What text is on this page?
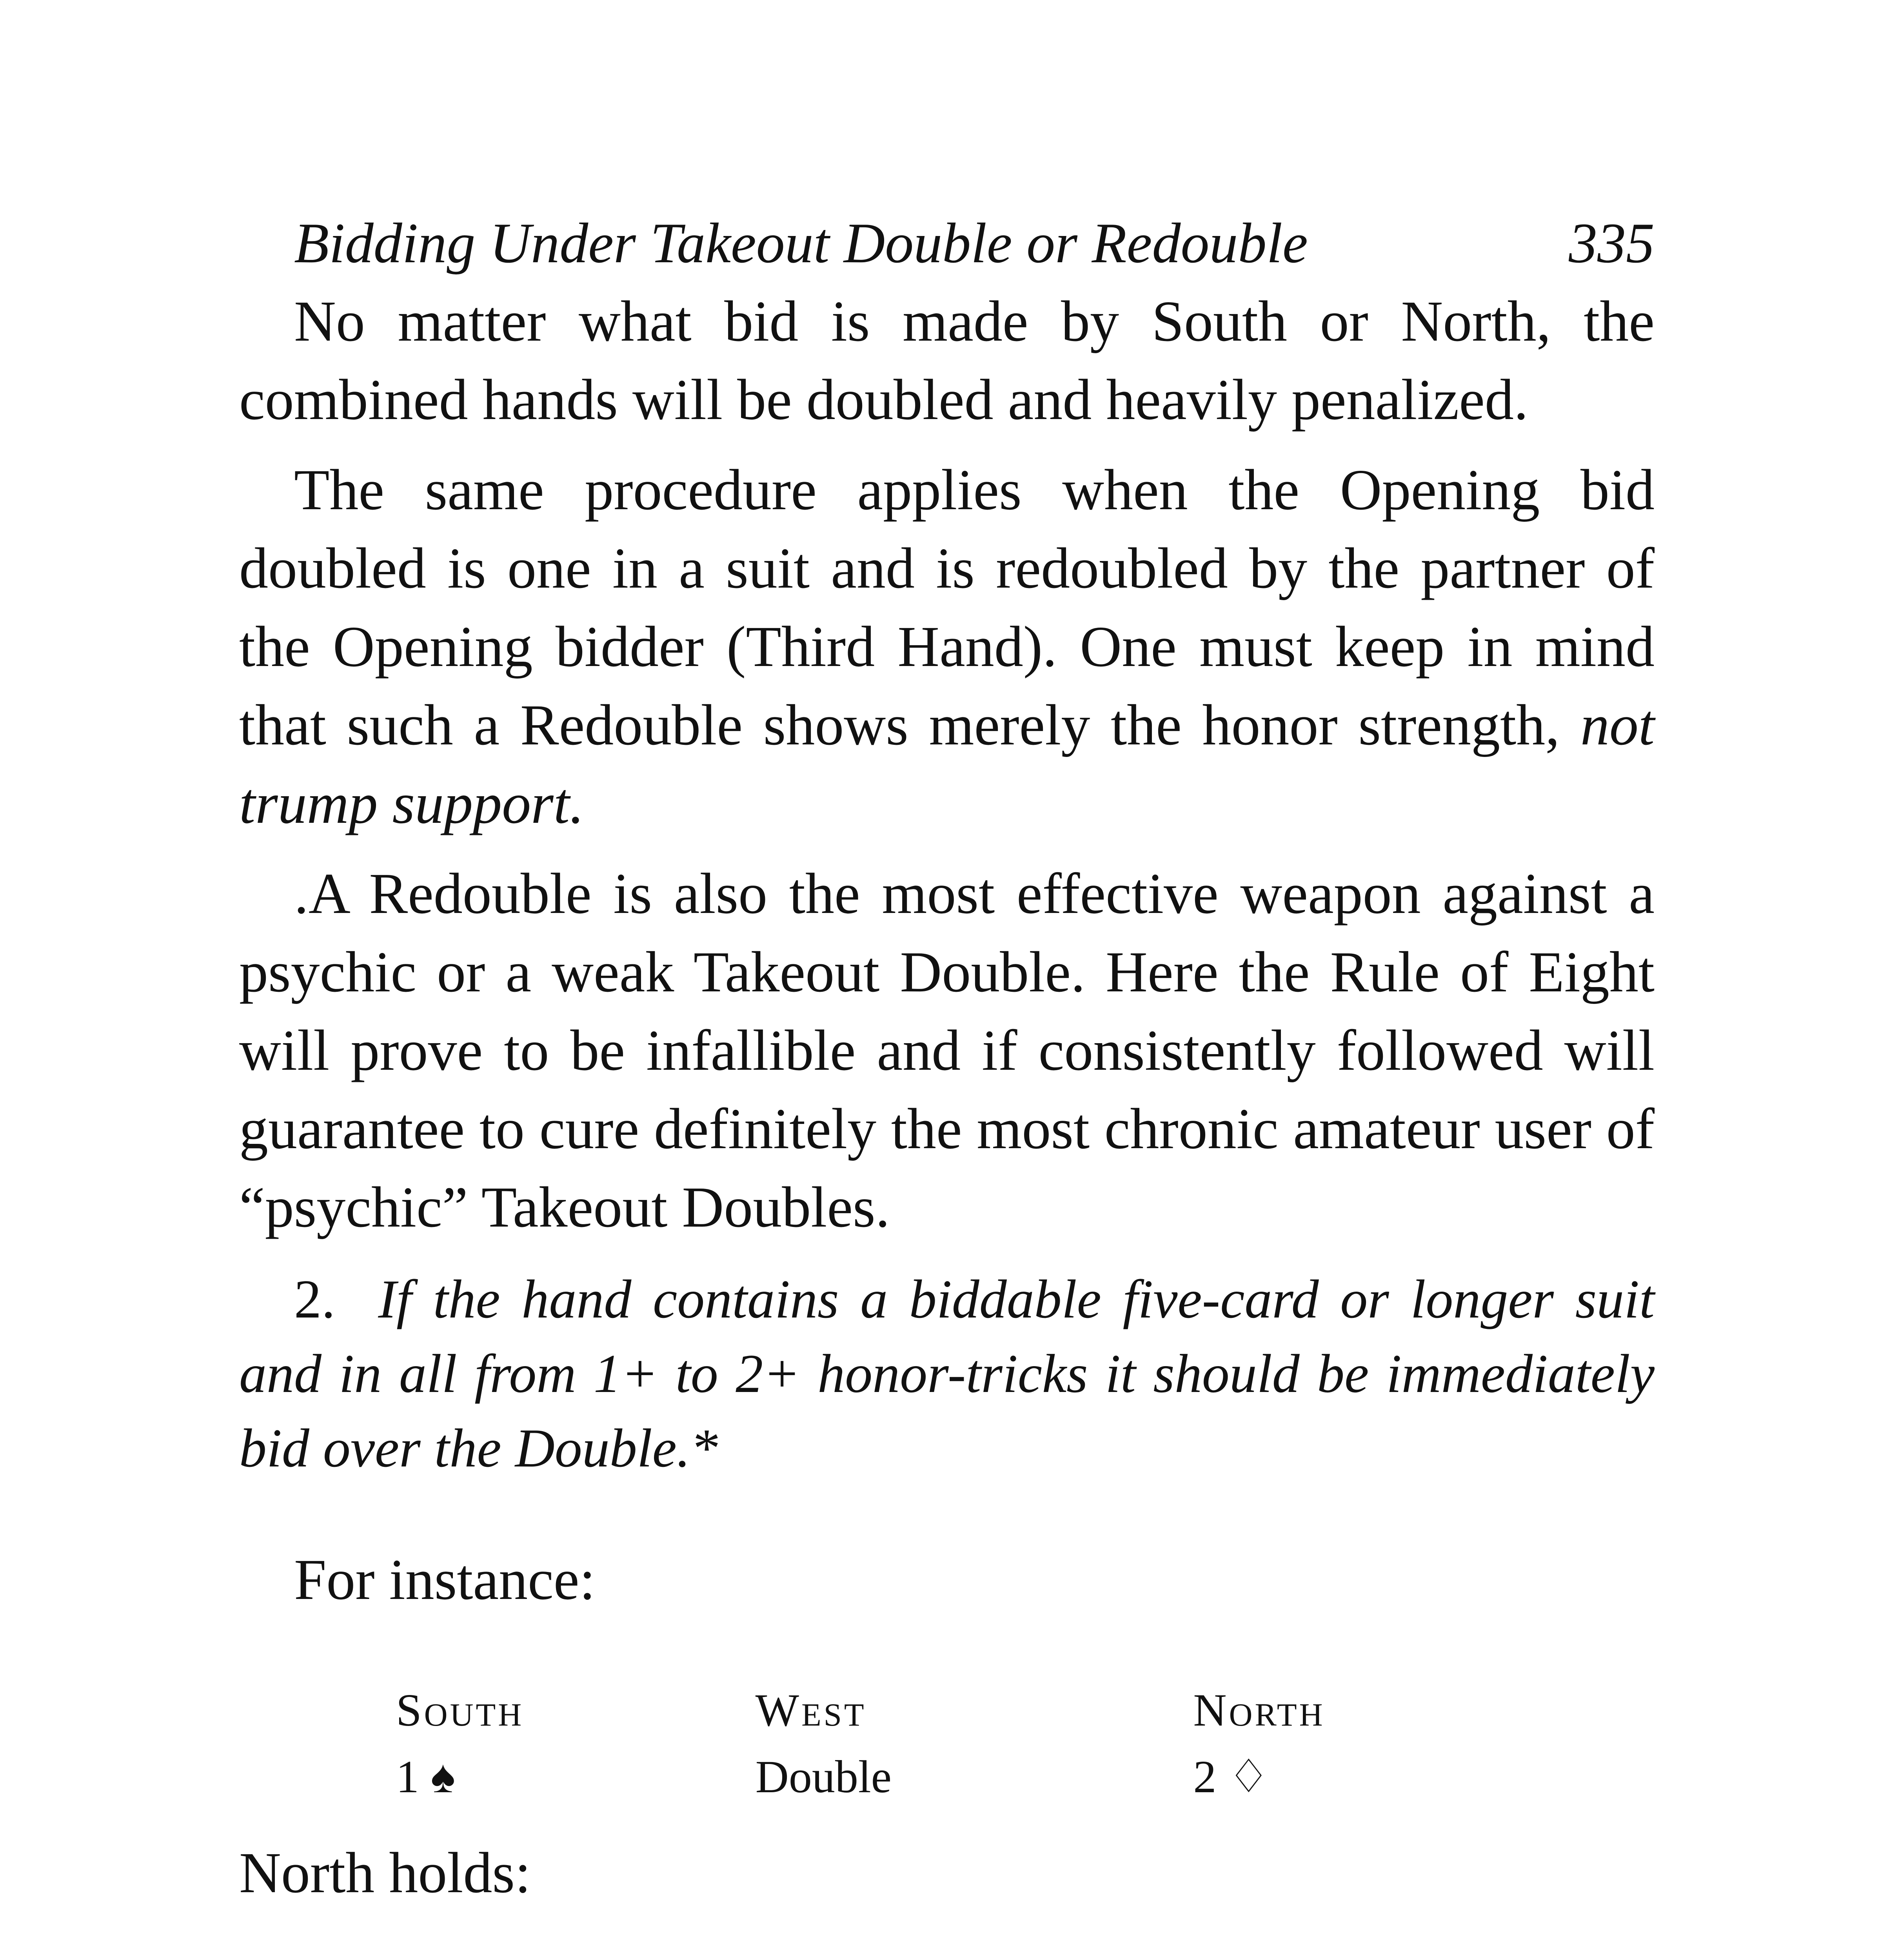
Bidding Under Takeout Double or Redouble	335

No matter what bid is made by South or North, the combined hands will be doubled and heavily penalized.

The same procedure applies when the Opening bid doubled is one in a suit and is redoubled by the partner of the Opening bidder (Third Hand). One must keep in mind that such a Redouble shows merely the honor strength, not trump support.

.A Redouble is also the most effective weapon against a psychic or a weak Takeout Double. Here the Rule of Eight will prove to be infallible and if consistently followed will guarantee to cure definitely the most chronic amateur user of “psychic” Takeout Doubles.

2. If the hand contains a biddable five-card or longer suit and in all from 1+ to 2+ honor-tricks it should be immediately bid over the Double.*

For instance:

South	West	North
1 ♠	Double	2 ♢

North holds:
